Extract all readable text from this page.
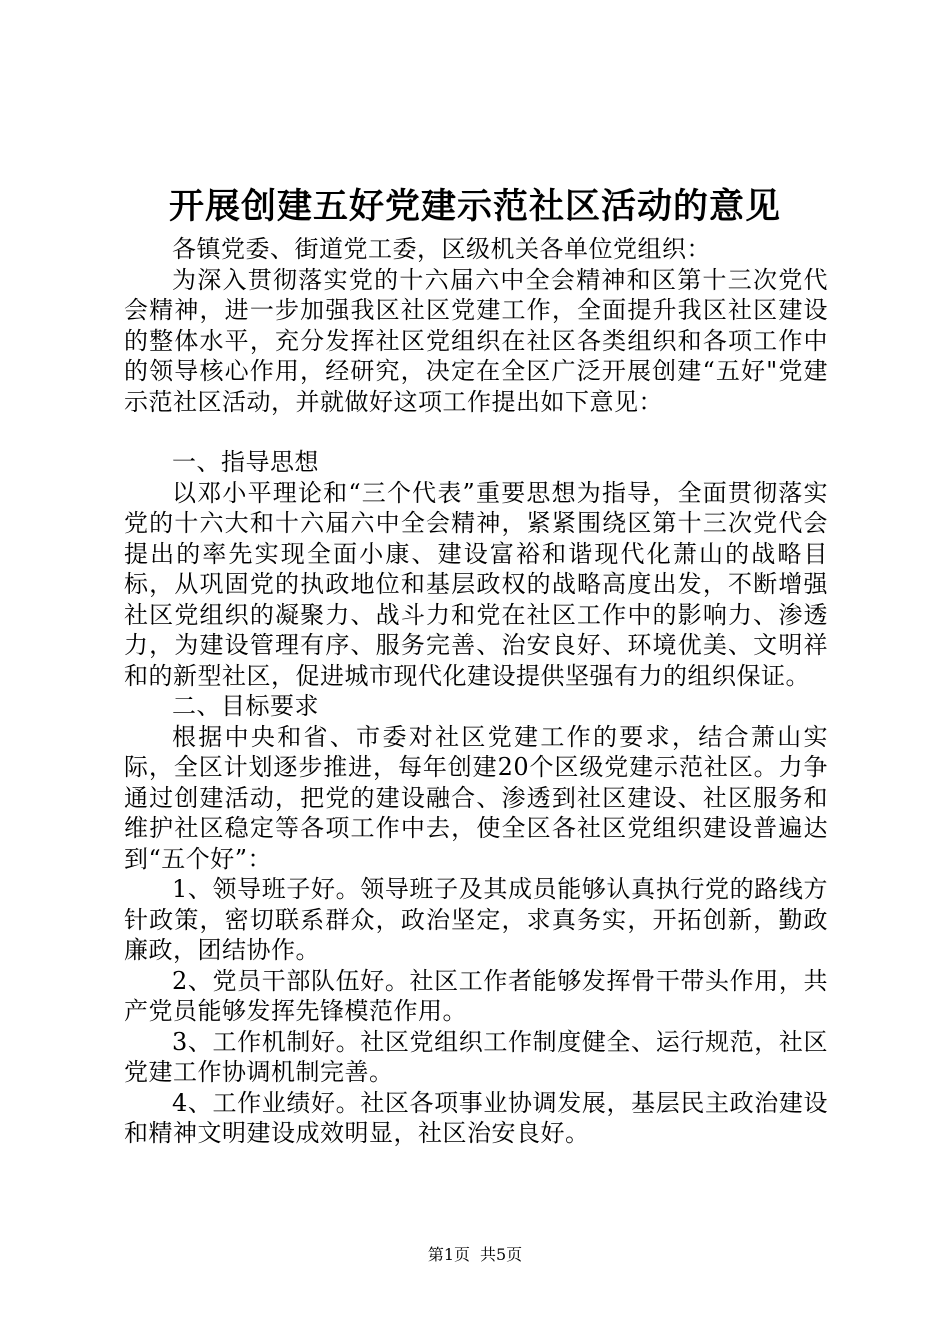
开展创建五好党建示范社区活动的意见

各镇党委、街道党工委，区级机关各单位党组织：

为深入贯彻落实党的十六届六中全会精神和区第十三次党代会精神，进一步加强我区社区党建工作，全面提升我区社区建设的整体水平，充分发挥社区党组织在社区各类组织和各项工作中的领导核心作用，经研究，决定在全区广泛开展创建“五好"党建示范社区活动，并就做好这项工作提出如下意见：

一、指导思想

以邓小平理论和“三个代表”重要思想为指导，全面贯彻落实党的十六大和十六届六中全会精神，紧紧围绕区第十三次党代会提出的率先实现全面小康、建设富裕和谐现代化萧山的战略目标，从巩固党的执政地位和基层政权的战略高度出发，不断增强社区党组织的凝聚力、战斗力和党在社区工作中的影响力、渗透力，为建设管理有序、服务完善、治安良好、环境优美、文明祥和的新型社区，促进城市现代化建设提供坚强有力的组织保证。

二、目标要求

根据中央和省、市委对社区党建工作的要求，结合萧山实际，全区计划逐步推进，每年创建20个区级党建示范社区。力争通过创建活动，把党的建设融合、渗透到社区建设、社区服务和维护社区稳定等各项工作中去，使全区各社区党组织建设普遍达到“五个好”：

1、领导班子好。领导班子及其成员能够认真执行党的路线方针政策，密切联系群众，政治坚定，求真务实，开拓创新，勤政廉政，团结协作。

2、党员干部队伍好。社区工作者能够发挥骨干带头作用，共产党员能够发挥先锋模范作用。

3、工作机制好。社区党组织工作制度健全、运行规范，社区党建工作协调机制完善。

4、工作业绩好。社区各项事业协调发展，基层民主政治建设和精神文明建设成效明显，社区治安良好。

第1页 共5页
